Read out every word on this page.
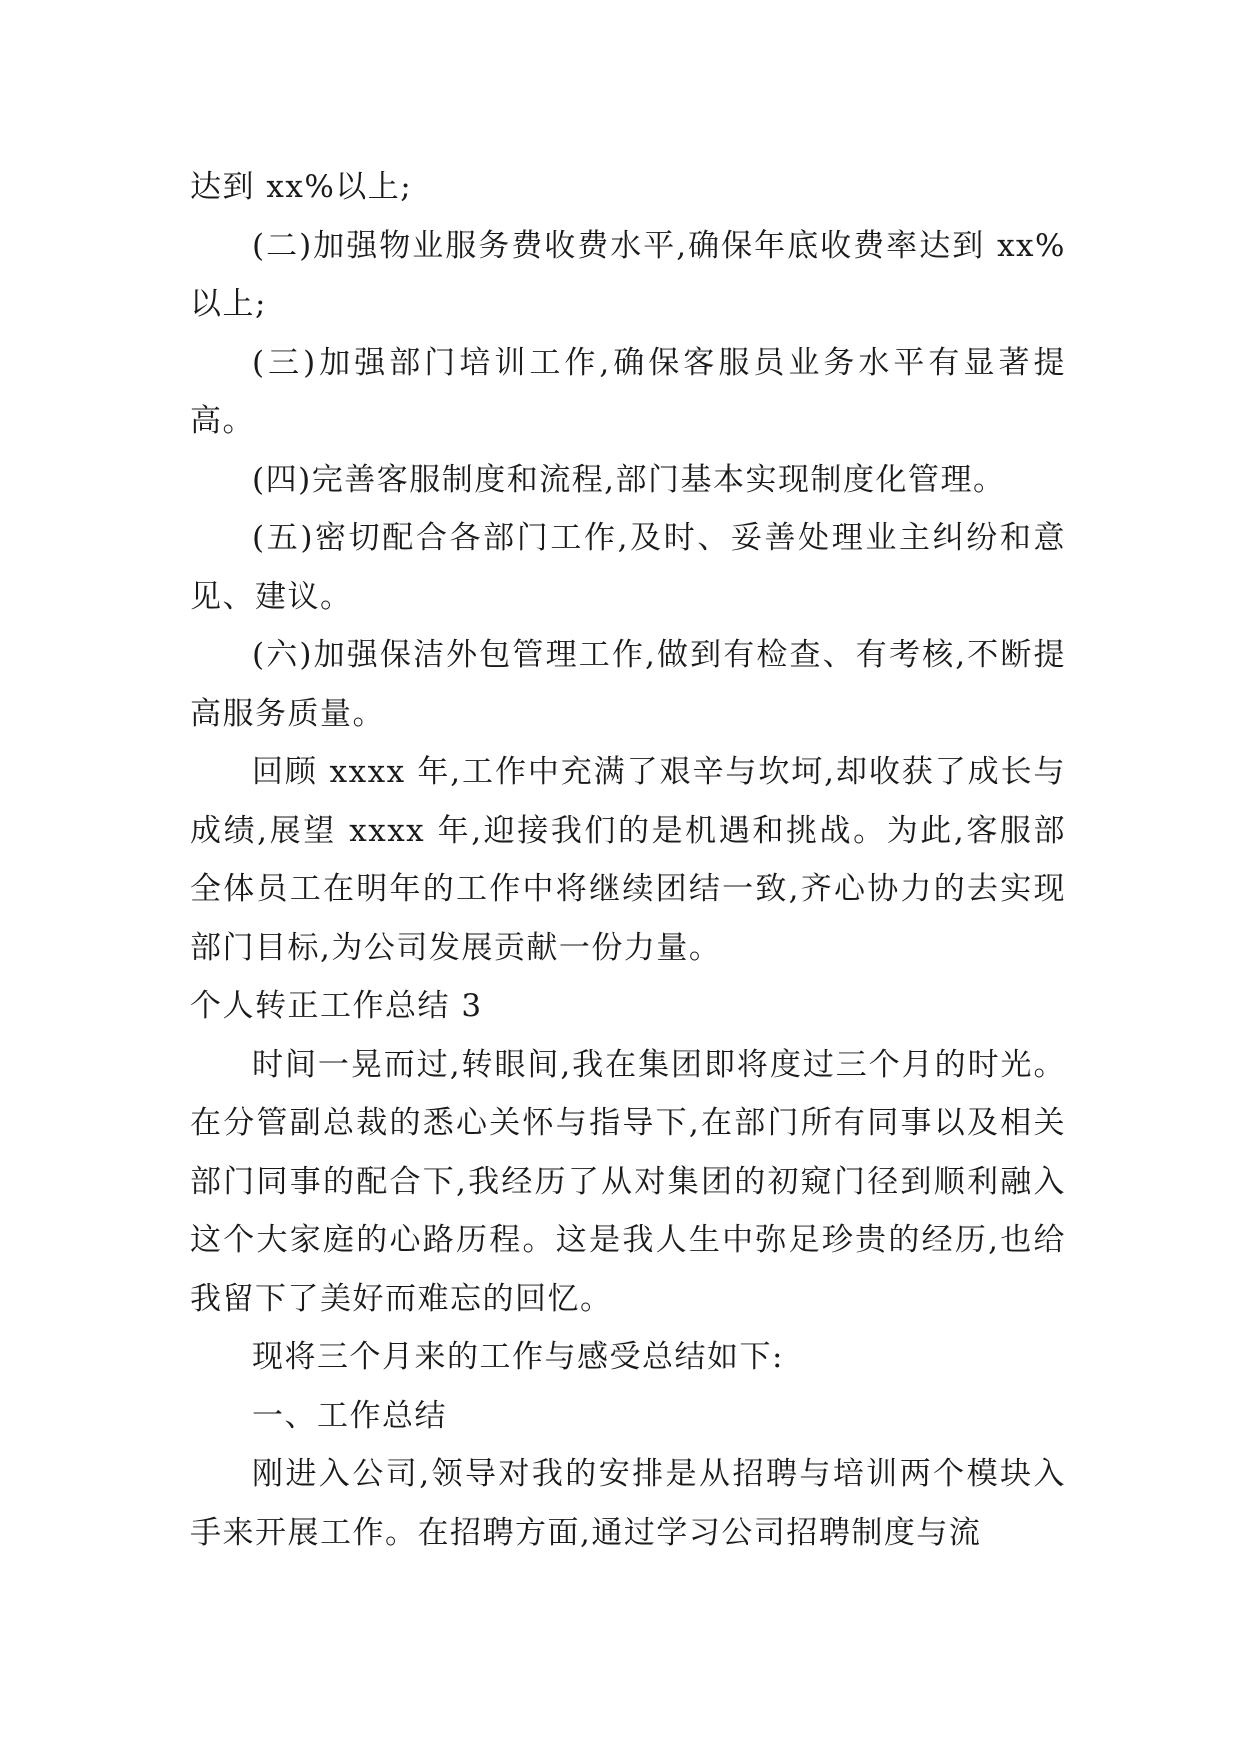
达到 xx%以上;

(二)加强物业服务费收费水平,确保年底收费率达到 xx%以上;

(三)加强部门培训工作,确保客服员业务水平有显著提高。

(四)完善客服制度和流程,部门基本实现制度化管理。

(五)密切配合各部门工作,及时、妥善处理业主纠纷和意见、建议。

(六)加强保洁外包管理工作,做到有检查、有考核,不断提高服务质量。

回顾 xxxx 年,工作中充满了艰辛与坎坷,却收获了成长与成绩,展望 xxxx 年,迎接我们的是机遇和挑战。为此,客服部全体员工在明年的工作中将继续团结一致,齐心协力的去实现部门目标,为公司发展贡献一份力量。

个人转正工作总结 3

时间一晃而过,转眼间,我在集团即将度过三个月的时光。在分管副总裁的悉心关怀与指导下,在部门所有同事以及相关部门同事的配合下,我经历了从对集团的初窥门径到顺利融入这个大家庭的心路历程。这是我人生中弥足珍贵的经历,也给我留下了美好而难忘的回忆。

现将三个月来的工作与感受总结如下:

一、工作总结

刚进入公司,领导对我的安排是从招聘与培训两个模块入手来开展工作。在招聘方面,通过学习公司招聘制度与流
